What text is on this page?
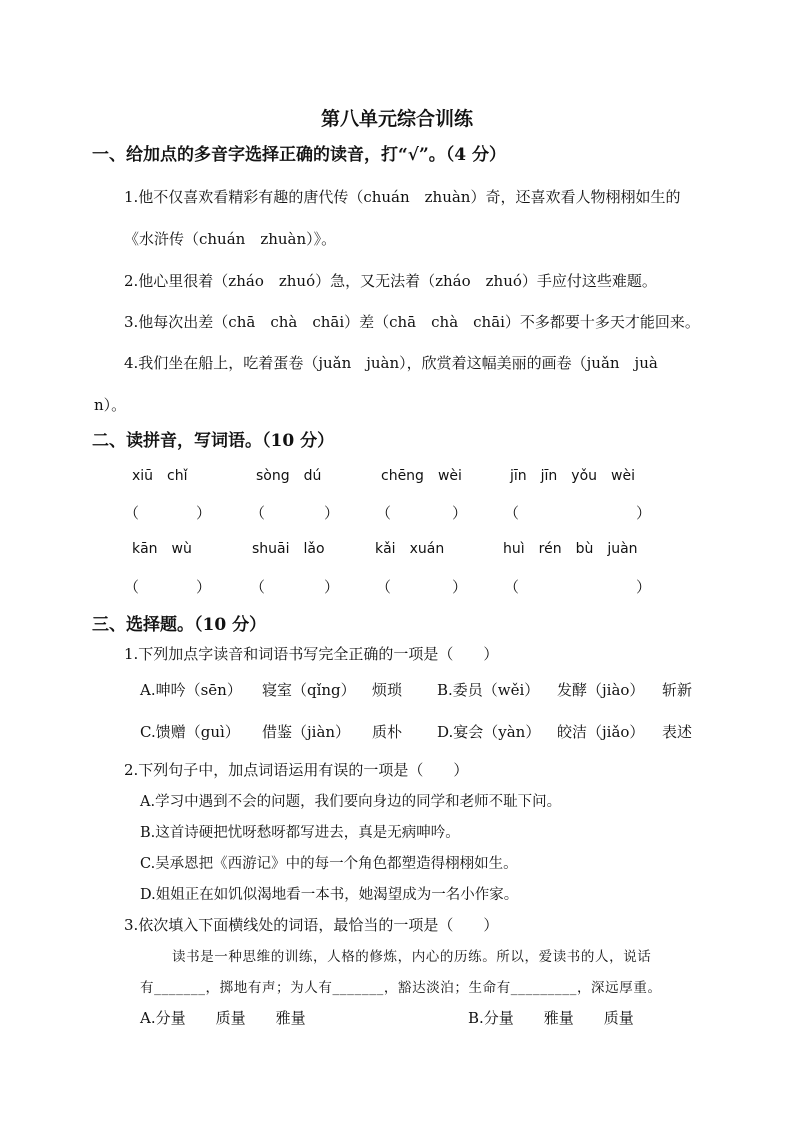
第八单元综合训练
一、给加点的多音字选择正确的读音，打“√”。（4 分）
1.他不仅喜欢看精彩有趣的唐代传（chuán　zhuàn）奇，还喜欢看人物栩栩如生的
《水浒传（chuán　zhuàn）》。
2.他心里很着（zháo　zhuó）急，又无法着（zháo　zhuó）手应付这些难题。
3.他每次出差（chā　chà　chāi）差（chā　chà　chāi）不多都要十多天才能回来。
4.我们坐在船上，吃着蛋卷（juǎn　juàn），欣赏着这幅美丽的画卷（juǎn　juà
n）。
二、读拼音，写词语。（10 分）
xiū　chǐ	sòng　dú	chēng　wèi	jīn　jīn　yǒu　wèi
（	）	（	） （	） （	）
kān　wù	shuāi　lǎo	kǎi　xuán	huì　rén　bù　juàn
（	）	（	） （	） （	）
三、选择题。（10 分）
1.下列加点字读音和词语书写完全正确的一项是（　　）
A.呻吟（sēn） 寝室（qǐng） 烦琐 B.委员（wěi） 发酵（jiào） 斩新
C.馈赠（guì） 借鉴（jiàn） 质朴 D.宴会（yàn） 皎洁（jiǎo） 表述
2.下列句子中，加点词语运用有误的一项是（　　）
A.学习中遇到不会的问题，我们要向身边的同学和老师不耻下问。
B.这首诗硬把忧呀愁呀都写进去，真是无病呻吟。
C.吴承恩把《西游记》中的每一个角色都塑造得栩栩如生。
D.姐姐正在如饥似渴地看一本书，她渴望成为一名小作家。
3.依次填入下面横线处的词语，最恰当的一项是（　　）
读书是一种思维的训练，人格的修炼，内心的历练。所以，爱读书的人，说话
有_______，掷地有声；为人有_______，豁达淡泊；生命有_________，深远厚重。
A.分量　　质量　　雅量	B.分量　　雅量　　质量
